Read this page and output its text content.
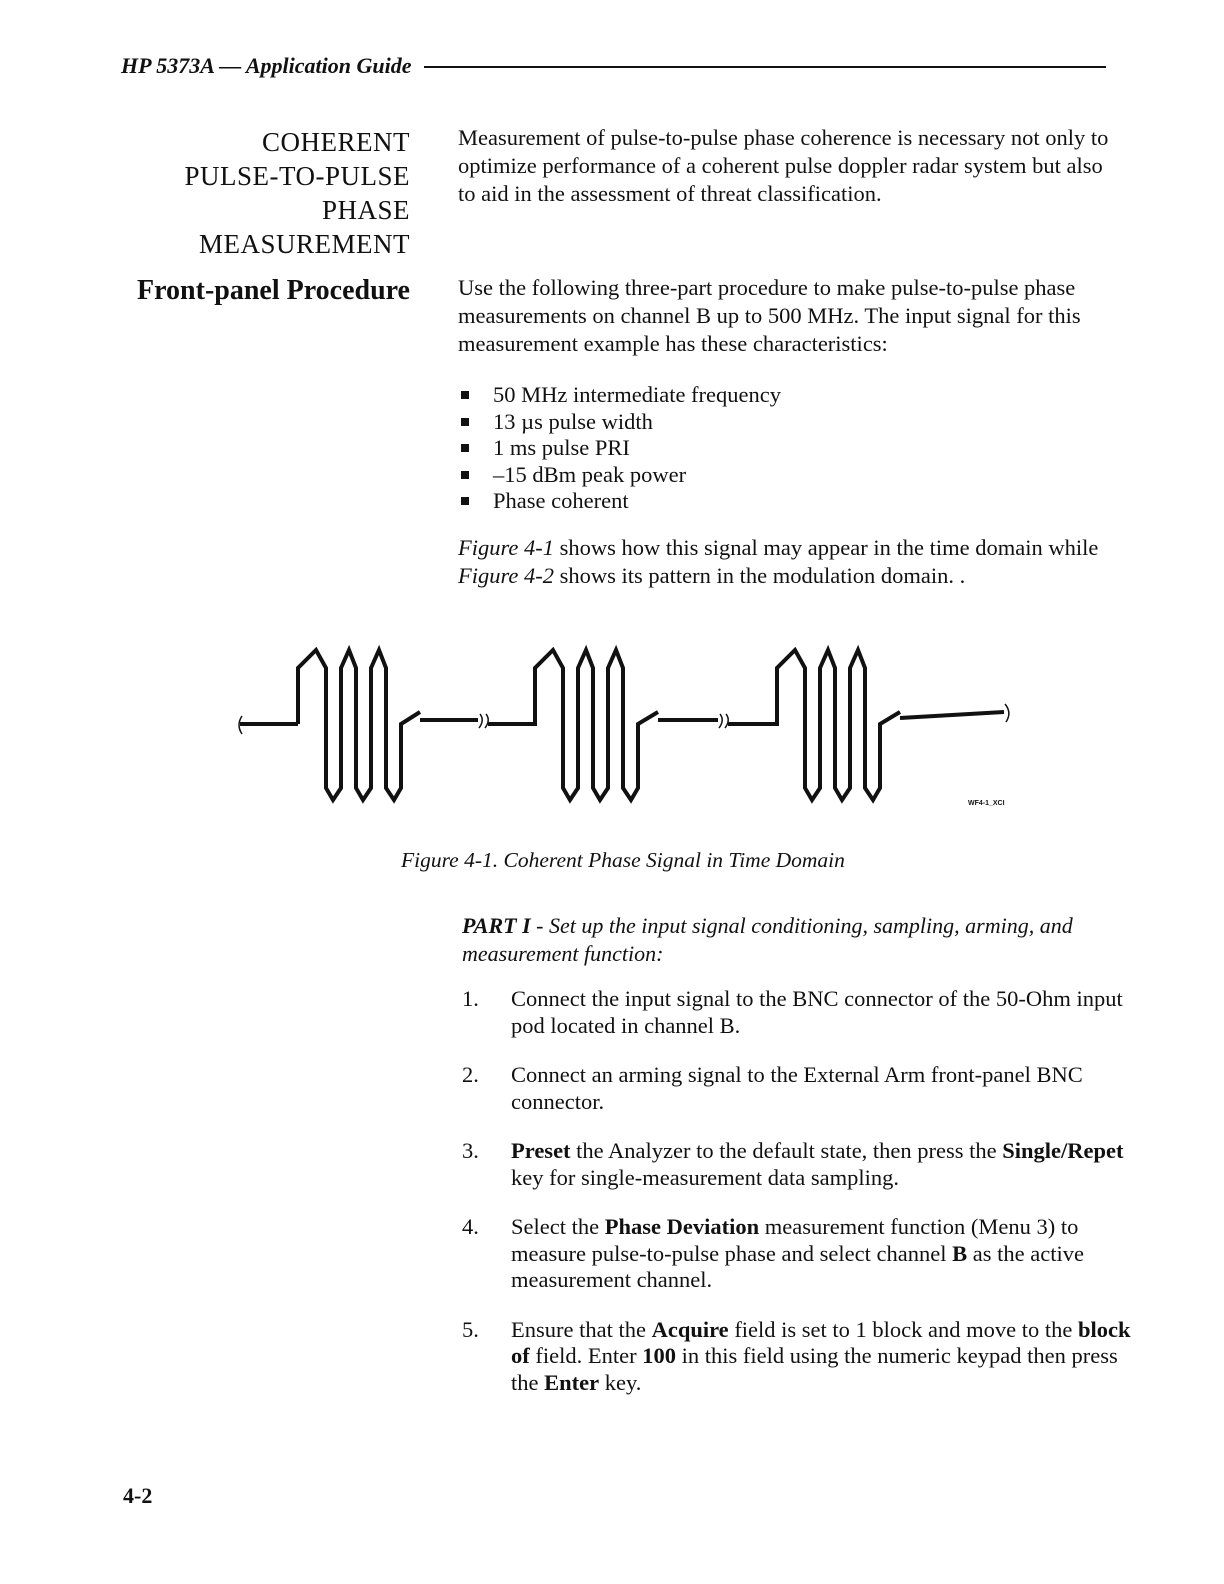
HP 5373A — Application Guide
COHERENT
PULSE-TO-PULSE
PHASE
MEASUREMENT

Measurement of pulse-to-pulse phase coherence is necessary not only to optimize performance of a coherent pulse doppler radar system but also to aid in the assessment of threat classification.

Front-panel Procedure Use the following three-part procedure to make pulse-to-pulse phase measurements on channel B up to 500 MHz. The input signal for this measurement example has these characteristics:

50 MHz intermediate frequency
13 µs pulse width
1 ms pulse PRI
–15 dBm peak power
Phase coherent

Figure 4-1 shows how this signal may appear in the time domain while Figure 4-2 shows its pattern in the modulation domain. .

WF4-1_XCI
Figure 4-1. Coherent Phase Signal in Time Domain

PART I - Set up the input signal conditioning, sampling, arming, and measurement function:

1.	Connect the input signal to the BNC connector of the 50-Ohm input pod located in channel B.
2.	Connect an arming signal to the External Arm front-panel BNC connector.
3.	Preset the Analyzer to the default state, then press the Single/Repet key for single-measurement data sampling.
4.	Select the Phase Deviation measurement function (Menu 3) to measure pulse-to-pulse phase and select channel B as the active measurement channel.
5.	Ensure that the Acquire field is set to 1 block and move to the block of field. Enter 100 in this field using the numeric keypad then press the Enter key.
4-2
